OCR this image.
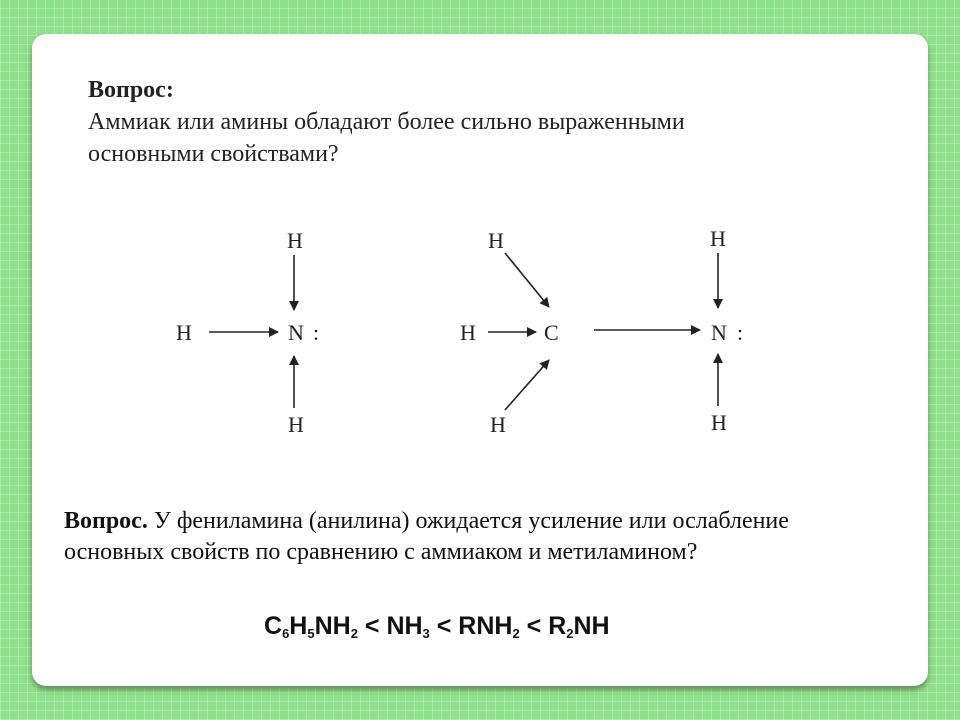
Вопрос:
Аммиак или амины обладают более сильно выраженными
основными свойствами?
H
H	N :
H
H
H	C
H
H
N :
H
Вопрос. У фениламина (анилина) ожидается усиление или ослабление основных свойств по сравнению с аммиаком и метиламином?
$C_6H_5NH_2 < NH_3 < RNH_2 < R_2NH$
